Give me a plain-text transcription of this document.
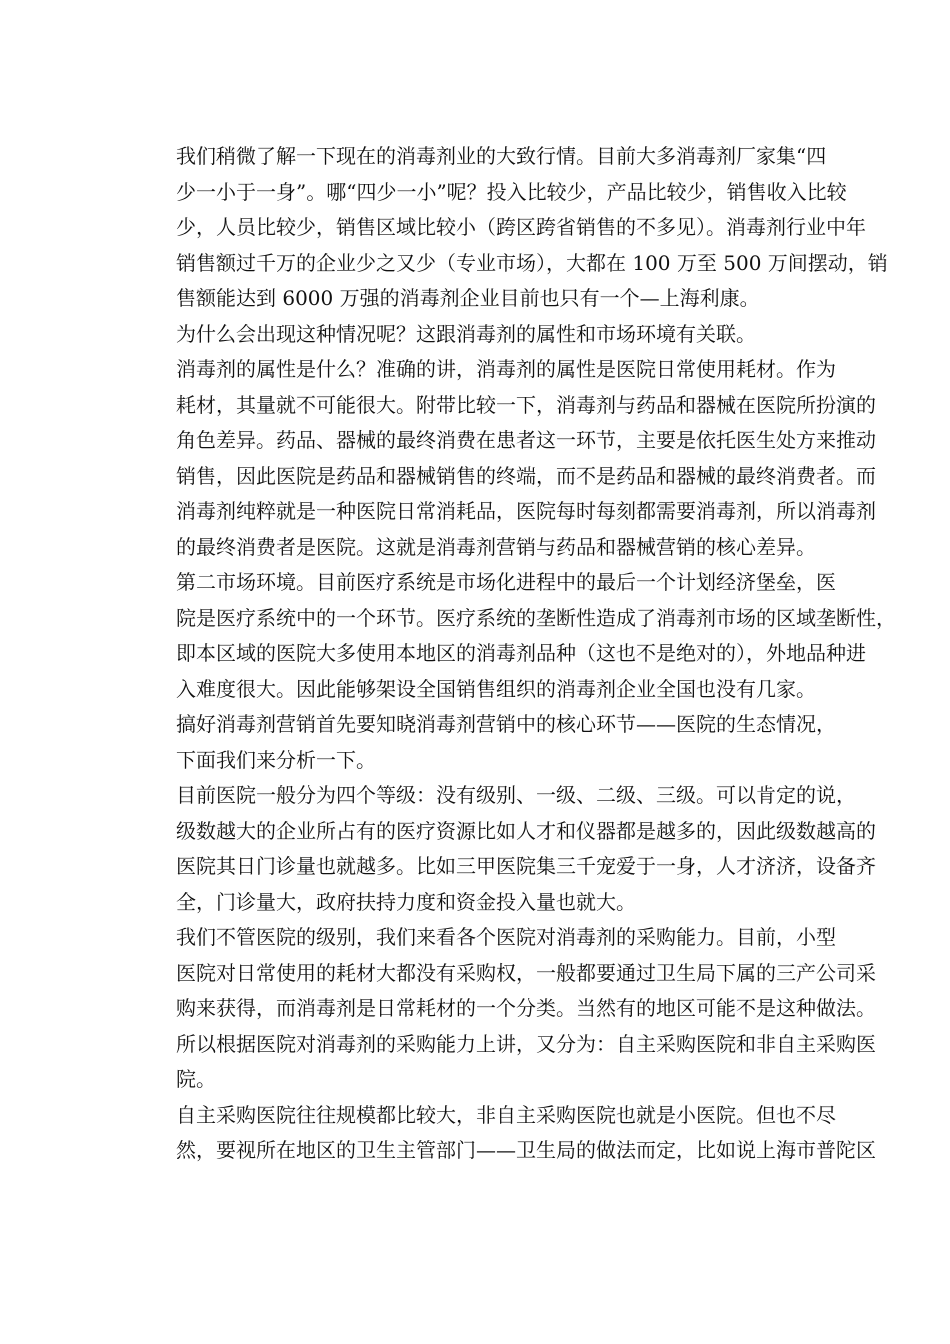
我们稍微了解一下现在的消毒剂业的大致行情。目前大多消毒剂厂家集“四
少一小于一身”。哪“四少一小”呢？投入比较少，产品比较少，销售收入比较
少，人员比较少，销售区域比较小（跨区跨省销售的不多见）。消毒剂行业中年
销售额过千万的企业少之又少（专业市场），大都在 100 万至 500 万间摆动，销
售额能达到 6000 万强的消毒剂企业目前也只有一个—上海利康。

为什么会出现这种情况呢？这跟消毒剂的属性和市场环境有关联。

消毒剂的属性是什么？准确的讲，消毒剂的属性是医院日常使用耗材。作为
耗材，其量就不可能很大。附带比较一下，消毒剂与药品和器械在医院所扮演的
角色差异。药品、器械的最终消费在患者这一环节，主要是依托医生处方来推动
销售，因此医院是药品和器械销售的终端，而不是药品和器械的最终消费者。而
消毒剂纯粹就是一种医院日常消耗品，医院每时每刻都需要消毒剂，所以消毒剂
的最终消费者是医院。这就是消毒剂营销与药品和器械营销的核心差异。

第二市场环境。目前医疗系统是市场化进程中的最后一个计划经济堡垒，医
院是医疗系统中的一个环节。医疗系统的垄断性造成了消毒剂市场的区域垄断性，
即本区域的医院大多使用本地区的消毒剂品种（这也不是绝对的），外地品种进
入难度很大。因此能够架设全国销售组织的消毒剂企业全国也没有几家。

搞好消毒剂营销首先要知晓消毒剂营销中的核心环节——医院的生态情况，
下面我们来分析一下。

目前医院一般分为四个等级：没有级别、一级、二级、三级。可以肯定的说，
级数越大的企业所占有的医疗资源比如人才和仪器都是越多的，因此级数越高的
医院其日门诊量也就越多。比如三甲医院集三千宠爱于一身，人才济济，设备齐
全，门诊量大，政府扶持力度和资金投入量也就大。

我们不管医院的级别，我们来看各个医院对消毒剂的采购能力。目前，小型
医院对日常使用的耗材大都没有采购权，一般都要通过卫生局下属的三产公司采
购来获得，而消毒剂是日常耗材的一个分类。当然有的地区可能不是这种做法。
所以根据医院对消毒剂的采购能力上讲，又分为：自主采购医院和非自主采购医
院。

自主采购医院往往规模都比较大，非自主采购医院也就是小医院。但也不尽
然，要视所在地区的卫生主管部门——卫生局的做法而定，比如说上海市普陀区
